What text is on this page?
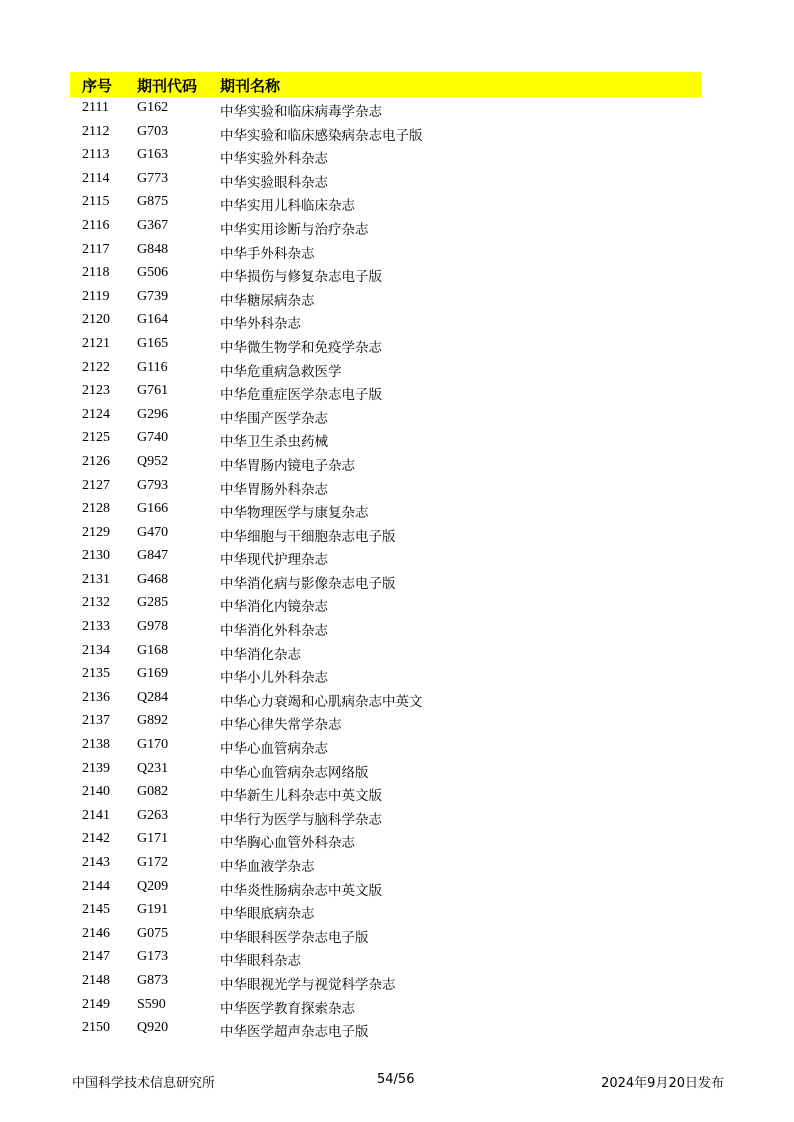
序号 期刊代码 期刊名称
2111 G162	中华实验和临床病毒学杂志
2112 G703	中华实验和临床感染病杂志电子版
2113 G163	中华实验外科杂志
2114 G773	中华实验眼科杂志
2115 G875	中华实用儿科临床杂志
2116 G367	中华实用诊断与治疗杂志
2117 G848	中华手外科杂志
2118 G506	中华损伤与修复杂志电子版
2119 G739	中华糖尿病杂志
2120 G164	中华外科杂志
2121 G165	中华微生物学和免疫学杂志
2122 G116	中华危重病急救医学
2123 G761	中华危重症医学杂志电子版
2124 G296	中华围产医学杂志
2125 G740	中华卫生杀虫药械
2126 Q952	中华胃肠内镜电子杂志
2127 G793	中华胃肠外科杂志
2128 G166	中华物理医学与康复杂志
2129 G470	中华细胞与干细胞杂志电子版
2130 G847	中华现代护理杂志
2131 G468	中华消化病与影像杂志电子版
2132 G285	中华消化内镜杂志
2133 G978	中华消化外科杂志
2134 G168	中华消化杂志
2135 G169	中华小儿外科杂志
2136 Q284	中华心力衰竭和心肌病杂志中英文
2137 G892	中华心律失常学杂志
2138 G170	中华心血管病杂志
2139 Q231	中华心血管病杂志网络版
2140 G082	中华新生儿科杂志中英文版
2141 G263	中华行为医学与脑科学杂志
2142 G171	中华胸心血管外科杂志
2143 G172	中华血液学杂志
2144 Q209	中华炎性肠病杂志中英文版
2145 G191	中华眼底病杂志
2146 G075	中华眼科医学杂志电子版
2147 G173	中华眼科杂志
2148 G873	中华眼视光学与视觉科学杂志
2149 S590	中华医学教育探索杂志
2150 Q920	中华医学超声杂志电子版
中国科学技术信息研究所	54/56	2024年9月20日发布
